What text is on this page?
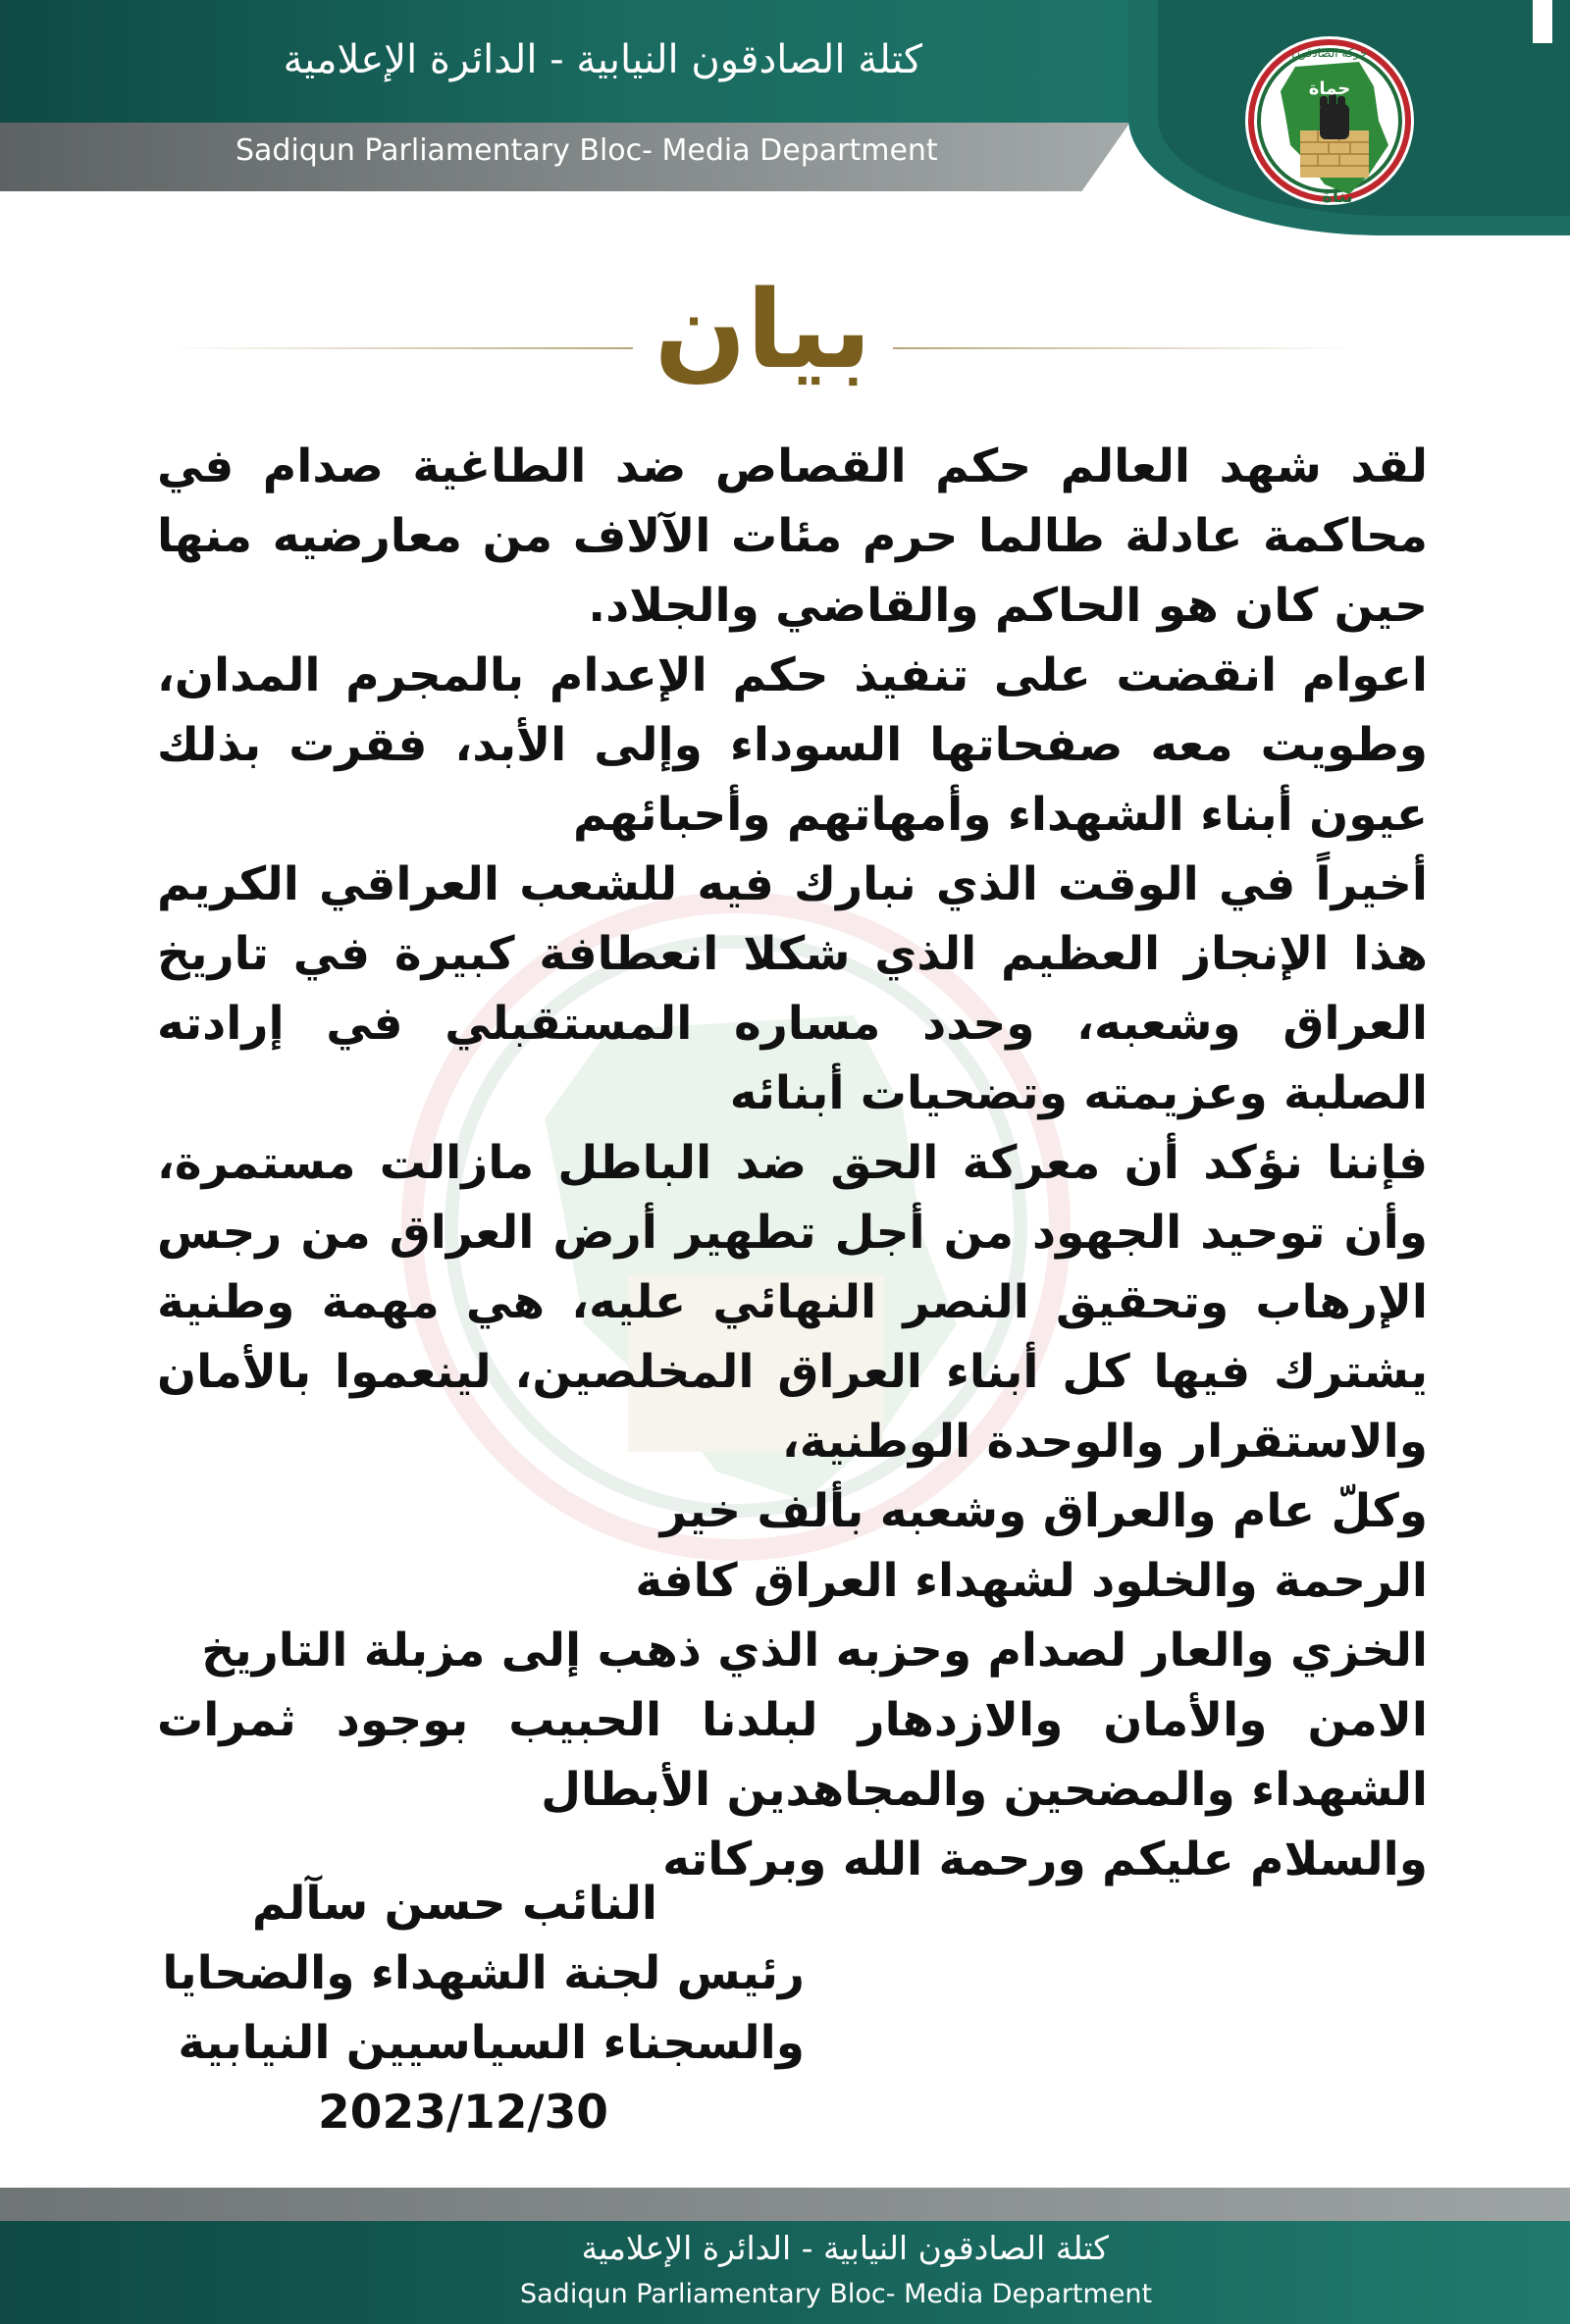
كتلة الصادقون النيابية - الدائرة الإعلامية
Sadiqun Parliamentary Bloc- Media Department
حماة
حركة الصادقون
بناة
بيان

لقد شهد العالم حكم القصاص ضد الطاغية صدام في محاكمة عادلة طالما حرم مئات الآلاف من معارضيه منها حين كان هو الحاكم والقاضي والجلاد.

اعوام انقضت على تنفيذ حكم الإعدام بالمجرم المدان، وطويت معه صفحاتها السوداء وإلى الأبد، فقرت بذلك عيون أبناء الشهداء وأمهاتهم وأحبائهم

أخيراً في الوقت الذي نبارك فيه للشعب العراقي الكريم هذا الإنجاز العظيم الذي شكلا انعطافة كبيرة في تاريخ العراق وشعبه، وحدد مساره المستقبلي في إرادته الصلبة وعزيمته وتضحيات أبنائه

فإننا نؤكد أن معركة الحق ضد الباطل مازالت مستمرة، وأن توحيد الجهود من أجل تطهير أرض العراق من رجس الإرهاب وتحقيق النصر النهائي عليه، هي مهمة وطنية يشترك فيها كل أبناء العراق المخلصين، لينعموا بالأمان والاستقرار والوحدة الوطنية،

وكلّ عام والعراق وشعبه بألف خير

الرحمة والخلود لشهداء العراق كافة

الخزي والعار لصدام وحزبه الذي ذهب إلى مزبلة التاريخ

الامن والأمان والازدهار لبلدنا الحبيب بوجود ثمرات الشهداء والمضحين والمجاهدين الأبطال

والسلام عليكم ورحمة الله وبركاته

النائب حسن سآلم
رئيس لجنة الشهداء والضحايا
والسجناء السياسيين النيابية
2023/12/30
كتلة الصادقون النيابية - الدائرة الإعلامية
Sadiqun Parliamentary Bloc- Media Department
